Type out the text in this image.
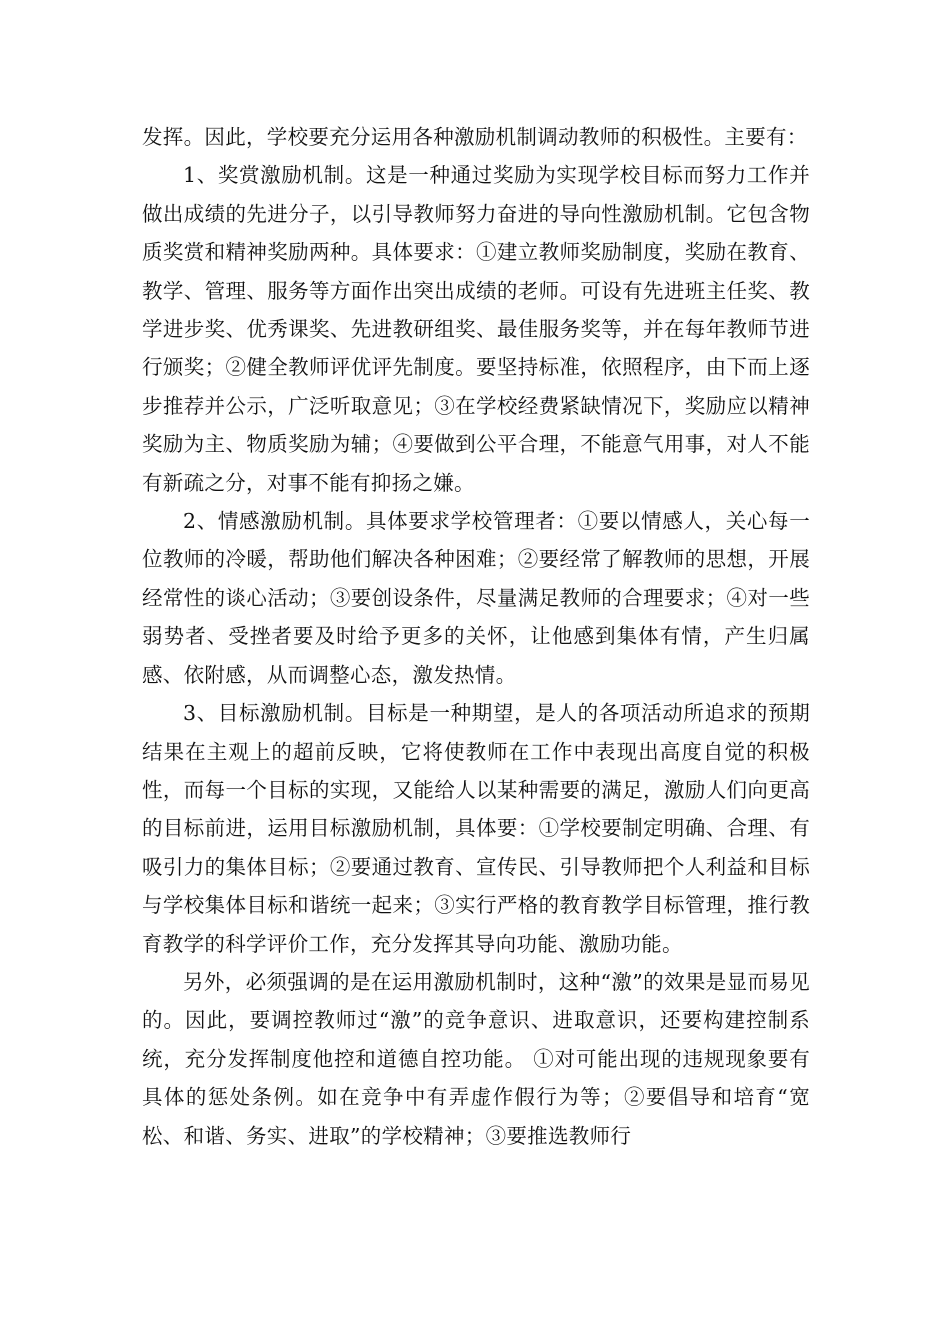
发挥。因此，学校要充分运用各种激励机制调动教师的积极性。主要有：

1、奖赏激励机制。这是一种通过奖励为实现学校目标而努力工作并做出成绩的先进分子，以引导教师努力奋进的导向性激励机制。它包含物质奖赏和精神奖励两种。具体要求：①建立教师奖励制度，奖励在教育、教学、管理、服务等方面作出突出成绩的老师。可设有先进班主任奖、教学进步奖、优秀课奖、先进教研组奖、最佳服务奖等，并在每年教师节进行颁奖；②健全教师评优评先制度。要坚持标准，依照程序，由下而上逐步推荐并公示，广泛听取意见；③在学校经费紧缺情况下，奖励应以精神奖励为主、物质奖励为辅；④要做到公平合理，不能意气用事，对人不能有新疏之分，对事不能有抑扬之嫌。

2、情感激励机制。具体要求学校管理者：①要以情感人，关心每一位教师的冷暖，帮助他们解决各种困难；②要经常了解教师的思想，开展经常性的谈心活动；③要创设条件，尽量满足教师的合理要求；④对一些弱势者、受挫者要及时给予更多的关怀，让他感到集体有情，产生归属感、依附感，从而调整心态，激发热情。

3、目标激励机制。目标是一种期望，是人的各项活动所追求的预期结果在主观上的超前反映，它将使教师在工作中表现出高度自觉的积极性，而每一个目标的实现，又能给人以某种需要的满足，激励人们向更高的目标前进，运用目标激励机制，具体要：①学校要制定明确、合理、有吸引力的集体目标；②要通过教育、宣传民、引导教师把个人利益和目标与学校集体目标和谐统一起来；③实行严格的教育教学目标管理，推行教育教学的科学评价工作，充分发挥其导向功能、激励功能。

另外，必须强调的是在运用激励机制时，这种“激”的效果是显而易见的。因此，要调控教师过“激”的竞争意识、进取意识，还要构建控制系统，充分发挥制度他控和道德自控功能。 ①对可能出现的违规现象要有具体的惩处条例。如在竞争中有弄虚作假行为等；②要倡导和培育“宽松、和谐、务实、进取”的学校精神；③要推选教师行
